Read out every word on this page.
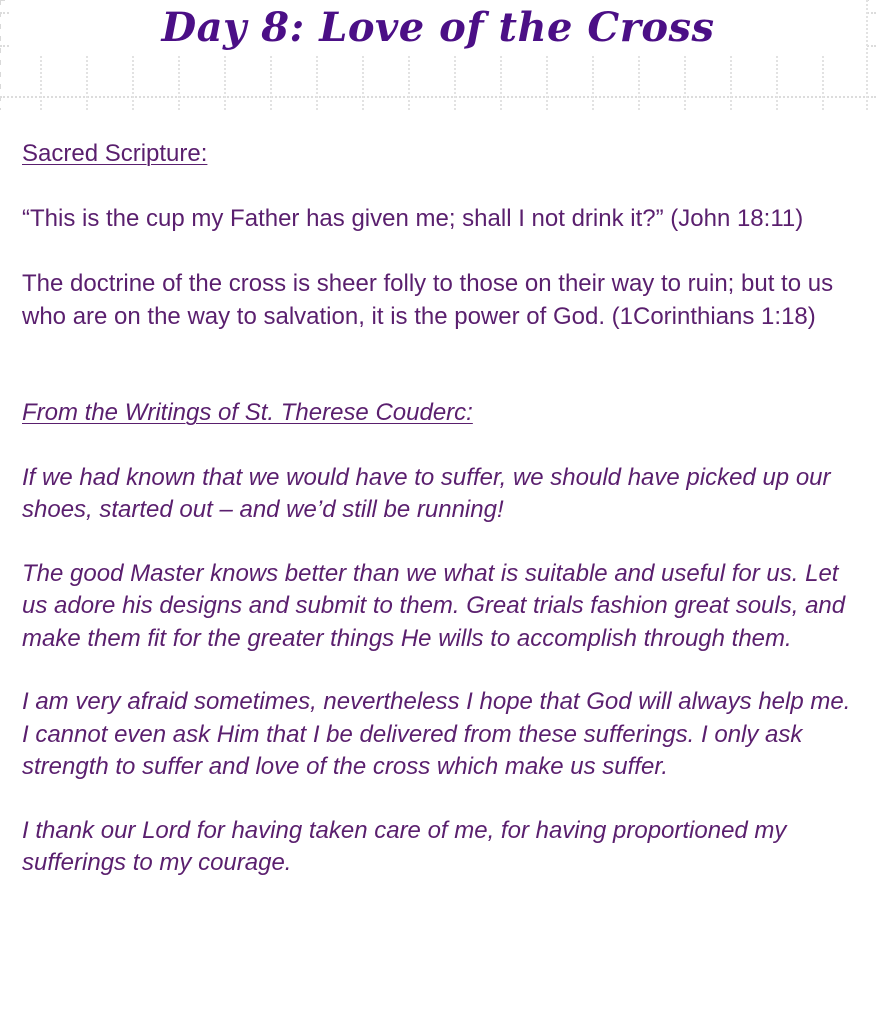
Day 8: Love of the Cross

Sacred Scripture:

“This is the cup my Father has given me; shall I not drink it?” (John 18:11)

The doctrine of the cross is sheer folly to those on their way to ruin; but to us who are on the way to salvation, it is the power of God. (1Corinthians 1:18)

From the Writings of St. Therese Couderc:

If we had known that we would have to suffer, we should have picked up our shoes, started out – and we’d still be running!

The good Master knows better than we what is suitable and useful for us. Let us adore his designs and submit to them. Great trials fashion great souls, and make them fit for the greater things He wills to accomplish through them.

I am very afraid sometimes, nevertheless I hope that God will always help me. I cannot even ask Him that I be delivered from these sufferings. I only ask strength to suffer and love of the cross which make us suffer.

I thank our Lord for having taken care of me, for having proportioned my sufferings to my courage.
